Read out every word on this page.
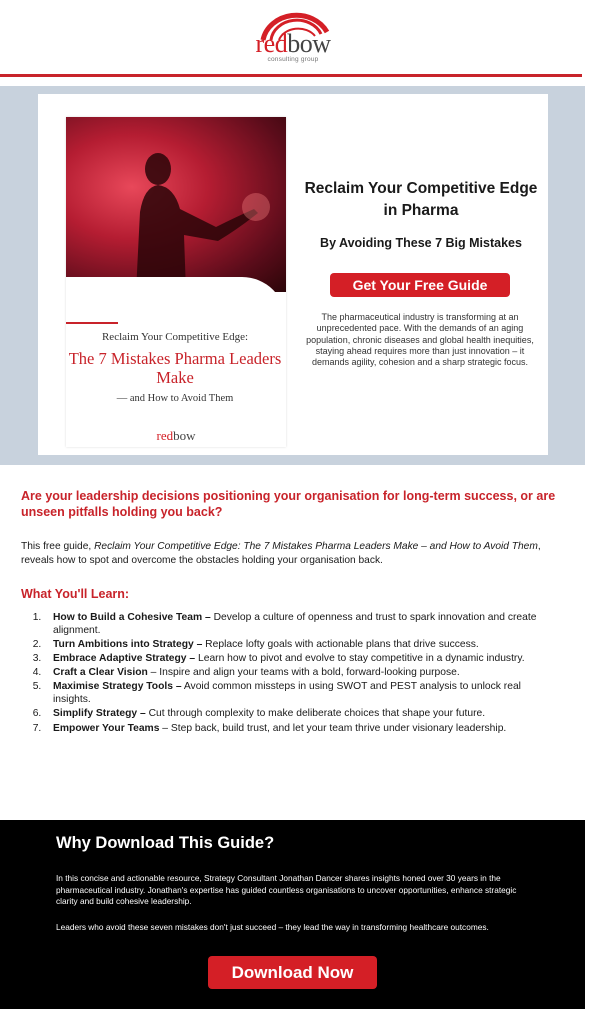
redbow
consulting group
Reclaim Your Competitive Edge:
The 7 Mistakes Pharma Leaders Make
— and How to Avoid Them
redbow
Reclaim Your Competitive Edge in Pharma
By Avoiding These 7 Big Mistakes
Get Your Free Guide
The pharmaceutical industry is transforming at an unprecedented pace. With the demands of an aging population, chronic diseases and global health inequities, staying ahead requires more than just innovation – it demands agility, cohesion and a sharp strategic focus.
Are your leadership decisions positioning your organisation for long-term success, or are unseen pitfalls holding you back?

This free guide, Reclaim Your Competitive Edge: The 7 Mistakes Pharma Leaders Make – and How to Avoid Them, reveals how to spot and overcome the obstacles holding your organisation back.

What You'll Learn:
1.	How to Build a Cohesive Team – Develop a culture of openness and trust to spark innovation and create alignment.
2.	Turn Ambitions into Strategy – Replace lofty goals with actionable plans that drive success.
3.	Embrace Adaptive Strategy – Learn how to pivot and evolve to stay competitive in a dynamic industry.
4.	Craft a Clear Vision – Inspire and align your teams with a bold, forward-looking purpose.
5.	Maximise Strategy Tools – Avoid common missteps in using SWOT and PEST analysis to unlock real insights.
6.	Simplify Strategy – Cut through complexity to make deliberate choices that shape your future.
7.	Empower Your Teams – Step back, build trust, and let your team thrive under visionary leadership.
Why Download This Guide?

In this concise and actionable resource, Strategy Consultant Jonathan Dancer shares insights honed over 30 years in the pharmaceutical industry. Jonathan's expertise has guided countless organisations to uncover opportunities, enhance strategic clarity and build cohesive leadership.

Leaders who avoid these seven mistakes don't just succeed – they lead the way in transforming healthcare outcomes.

Download Now
